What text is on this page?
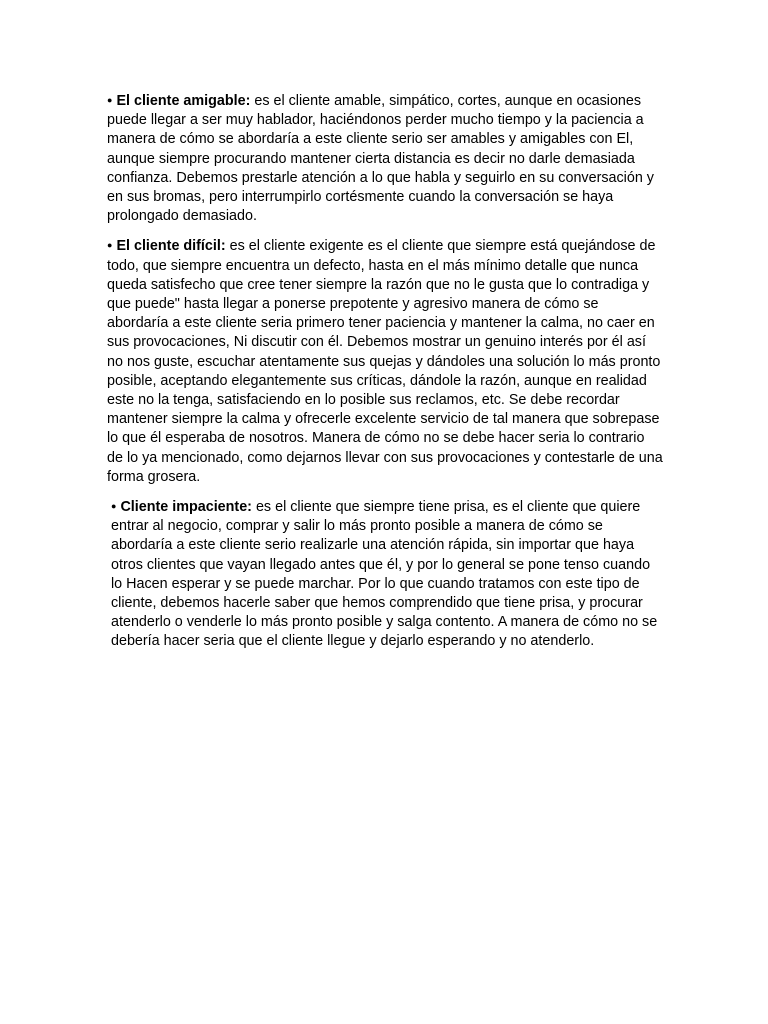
● El cliente amigable: es el cliente amable, simpático, cortes, aunque en ocasiones puede llegar a ser muy hablador, haciéndonos perder mucho tiempo y la paciencia a manera de cómo se abordaría a este cliente serio ser amables y amigables con El, aunque siempre procurando mantener cierta distancia es decir no darle demasiada confianza. Debemos prestarle atención a lo que habla y seguirlo en su conversación y en sus bromas, pero interrumpirlo cortésmente cuando la conversación se haya prolongado demasiado.

● El cliente difícil: es el cliente exigente es el cliente que siempre está quejándose de todo, que siempre encuentra un defecto, hasta en el más mínimo detalle que nunca queda satisfecho que cree tener siempre la razón que no le gusta que lo contradiga y que puede" hasta llegar a ponerse prepotente y agresivo manera de cómo se abordaría a este cliente seria primero tener paciencia y mantener la calma, no caer en sus provocaciones, Ni discutir con él. Debemos mostrar un genuino interés por él así no nos guste, escuchar atentamente sus quejas y dándoles una solución lo más pronto posible, aceptando elegantemente sus críticas, dándole la razón, aunque en realidad este no la tenga, satisfaciendo en lo posible sus reclamos, etc. Se debe recordar mantener siempre la calma y ofrecerle excelente servicio de tal manera que sobrepase lo que él esperaba de nosotros. Manera de cómo no se debe hacer seria lo contrario de lo ya mencionado, como dejarnos llevar con sus provocaciones y contestarle de una forma grosera.

● Cliente impaciente: es el cliente que siempre tiene prisa, es el cliente que quiere entrar al negocio, comprar y salir lo más pronto posible a manera de cómo se abordaría a este cliente serio realizarle una atención rápida, sin importar que haya otros clientes que vayan llegado antes que él, y por lo general se pone tenso cuando lo Hacen esperar y se puede marchar. Por lo que cuando tratamos con este tipo de cliente, debemos hacerle saber que hemos comprendido que tiene prisa, y procurar atenderlo o venderle lo más pronto posible y salga contento. A manera de cómo no se debería hacer seria que el cliente llegue y dejarlo esperando y no atenderlo.
